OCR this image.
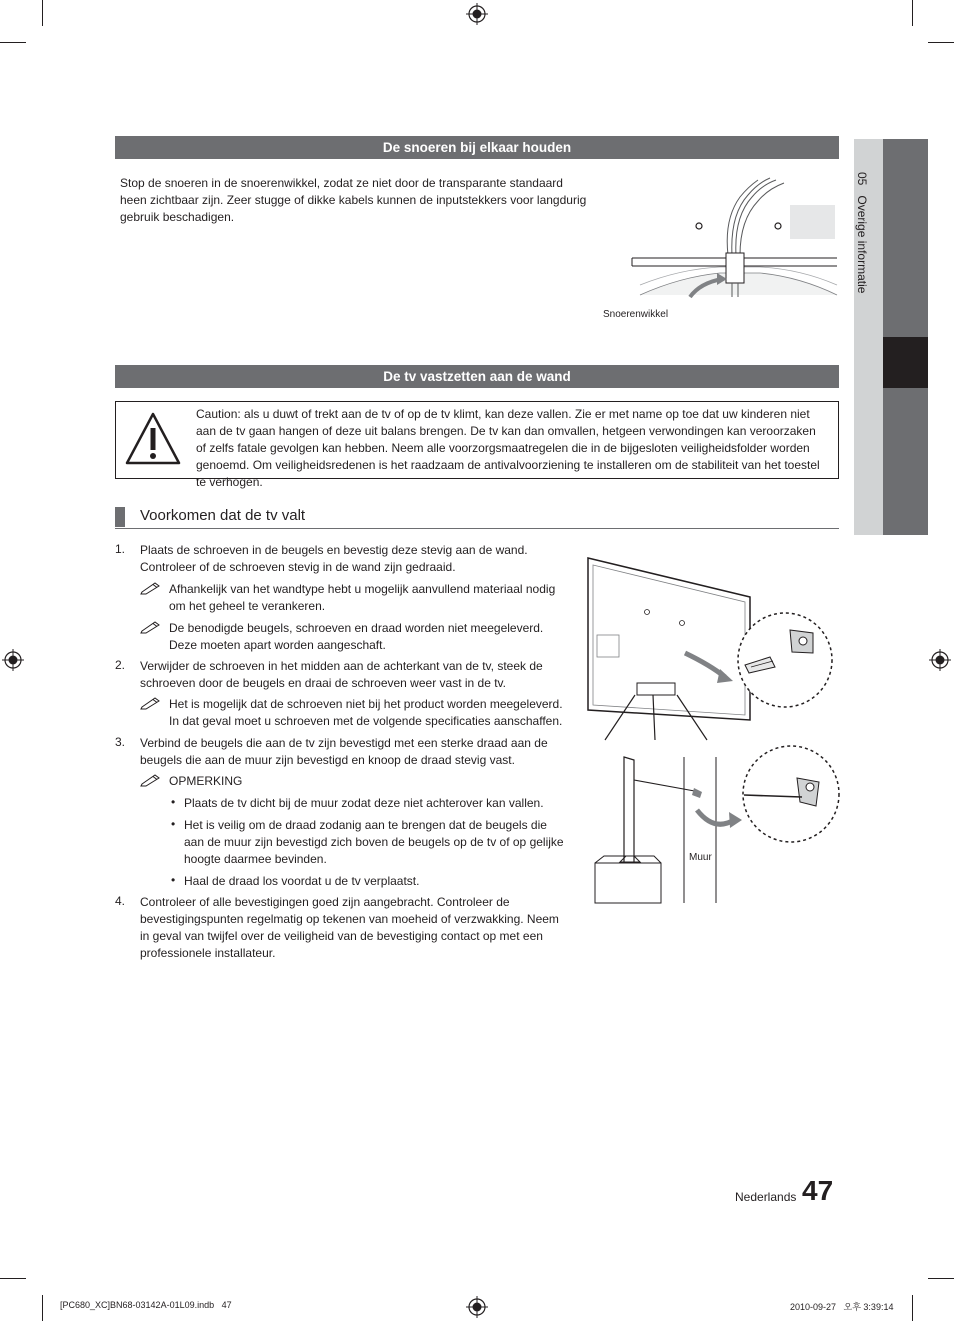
05   Overige informatie
De snoeren bij elkaar houden
Stop de snoeren in de snoerenwikkel, zodat ze niet door de transparante standaard heen zichtbaar zijn. Zeer stugge of dikke kabels kunnen de inputstekkers voor langdurig gebruik beschadigen.
Snoerenwikkel
De tv vastzetten aan de wand
Caution: als u duwt of trekt aan de tv of op de tv klimt, kan deze vallen. Zie er met name op toe dat uw kinderen niet aan de tv gaan hangen of deze uit balans brengen. De tv kan dan omvallen, hetgeen verwondingen kan veroorzaken of zelfs fatale gevolgen kan hebben. Neem alle voorzorgsmaatregelen die in de bijgesloten veiligheidsfolder worden genoemd. Om veiligheidsredenen is het raadzaam de antivalvoorziening te installeren om de stabiliteit van het toestel te verhogen.
Voorkomen dat de tv valt
1. Plaats de schroeven in de beugels en bevestig deze stevig aan de wand. Controleer of de schroeven stevig in de wand zijn gedraaid.
Afhankelijk van het wandtype hebt u mogelijk aanvullend materiaal nodig om het geheel te verankeren.
De benodigde beugels, schroeven en draad worden niet meegeleverd. Deze moeten apart worden aangeschaft.
2. Verwijder de schroeven in het midden aan de achterkant van de tv, steek de schroeven door de beugels en draai de schroeven weer vast in de tv.
Het is mogelijk dat de schroeven niet bij het product worden meegeleverd. In dat geval moet u schroeven met de volgende specificaties aanschaffen.
3. Verbind de beugels die aan de tv zijn bevestigd met een sterke draad aan de beugels die aan de muur zijn bevestigd en knoop de draad stevig vast.
OPMERKING
• Plaats de tv dicht bij de muur zodat deze niet achterover kan vallen.
• Het is veilig om de draad zodanig aan te brengen dat de beugels die aan de muur zijn bevestigd zich boven de beugels op de tv of op gelijke hoogte daarmee bevinden.
• Haal de draad los voordat u de tv verplaatst.
4. Controleer of alle bevestigingen goed zijn aangebracht. Controleer de bevestigingspunten regelmatig op tekenen van moeheid of verzwakking. Neem in geval van twijfel over de veiligheid van de bevestiging contact op met een professionele installateur.
Muur
Nederlands 47
[PC680_XC]BN68-03142A-01L09.indb   47	2010-09-27   오후 3:39:14
